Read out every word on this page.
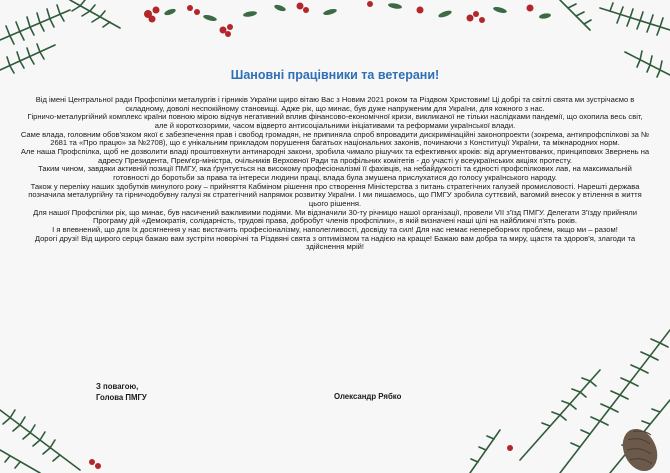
Шановні працівники та ветерани!

Від імені Центральної ради Профспілки металургів і гірників України щиро вітаю Вас з Новим 2021 роком та Різдвом Христовим! Ці добрі та світлі свята ми зустрічаємо в складному, доволі неспокійному становищі. Адже рік, що минає, був дуже напруженим для України, для кожного з нас.

Гірничо-металургійний комплекс країни повною мірою відчув негативний вплив фінансово-економічної кризи, викликаної не тільки наслідками пандемії, що охопила весь світ, але й короткозорими, часом відверто антисоціальними ініціативами та реформами української влади.

Саме влада, головним обов'язком якої є забезпечення прав і свобод громадян, не припиняла спроб впровадити дискримінаційні законопроекти (зокрема, антипрофспілкові за № 2681 та «Про працю» за №2708), що є унікальним прикладом порушення багатьох національних законів, починаючи з Конституції України, та міжнародних норм.

Але наша Профспілка, щоб не дозволити владі проштовхнути антинародні закони, зробила чимало рішучих та ефективних кроків: від аргументованих, принципових Звернень на адресу Президента, Прем'єр-міністра, очільників Верховної Ради та профільних комітетів - до участі у всеукраїнських акціях протесту.

Таким чином, завдяки активній позиції ПМГУ, яка ґрунтується на високому професіоналізмі її фахівців, на небайдужості та єдності профспілкових лав, на максимальній готовності до боротьби за права та інтереси людини праці, влада була змушена прислухатися до голосу українського народу.

Також у переліку наших здобутків минулого року – прийняття Кабміном рішення про створення Міністерства з питань стратегічних галузей промисловості. Нарешті держава позначила металургійну та гірничодобувну галузі як стратегічний напрямок розвитку України. І ми пишаємось, що ПМГУ зробила суттєвий, вагомий внесок у втілення в життя цього рішення.

Для нашої Профспілки рік, що минає, був насичений важливими подіями. Ми відзначили 30-ту річницю нашої організації, провели VII з'їзд ПМГУ. Делегати З'їзду прийняли Програму дій «Демократія, солідарність, трудові права, добробут членів профспілки», в якій визначені наші цілі на найближчі п'ять років.

І я впевнений, що для їх досягнення у нас вистачить професіоналізму, наполегливості, досвіду та сил! Для нас немає непереборних проблем, якщо ми – разом!

Дорогі друзі! Від щирого серця бажаю вам зустріти новорічні та Різдвяні свята з оптимізмом та надією на краще! Бажаю вам добра та миру, щастя та здоров'я, злагоди та здійснення мрій!

З повагою,
Голова ПМГУ	Олександр Рябко
